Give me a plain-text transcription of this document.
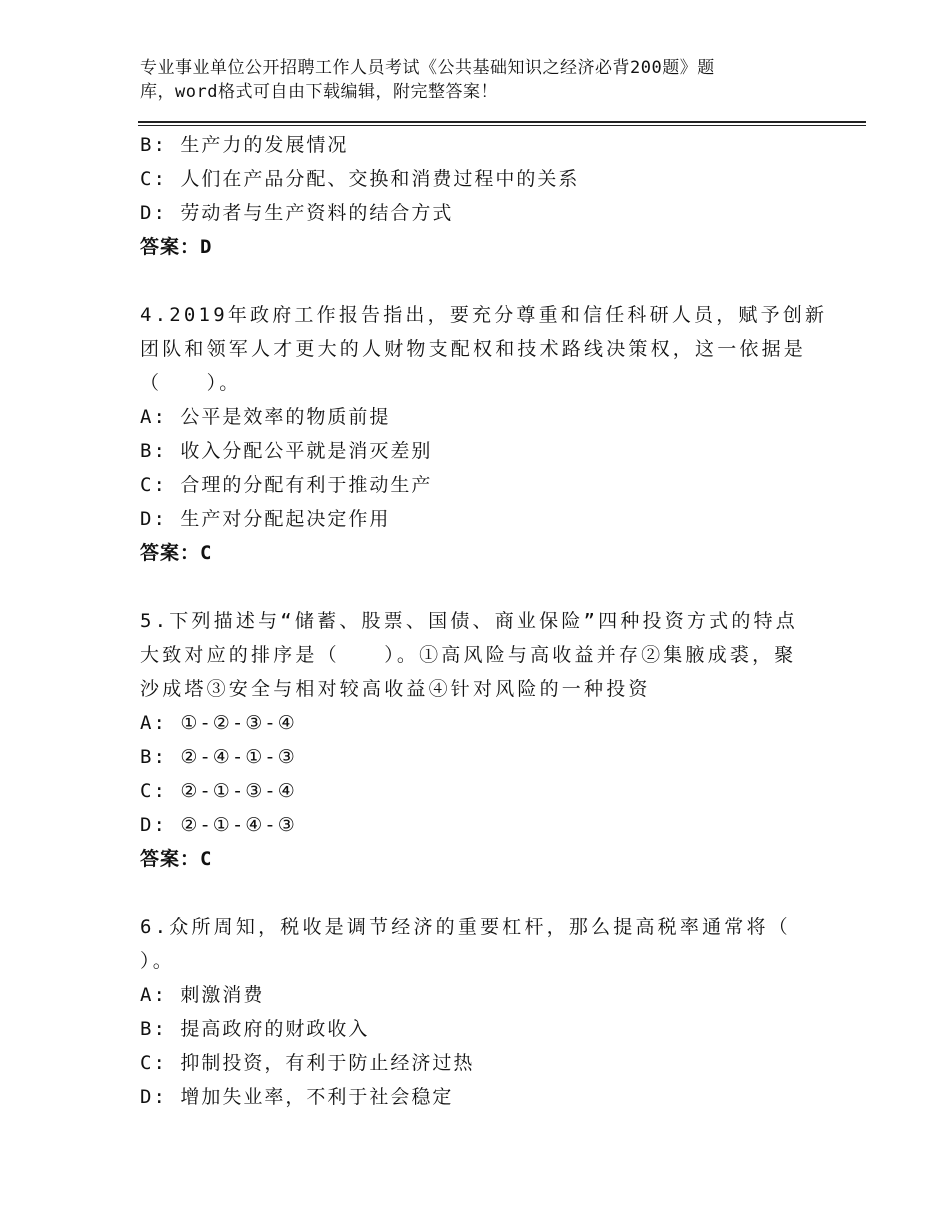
专业事业单位公开招聘工作人员考试《公共基础知识之经济必背200题》题
库，word格式可自由下载编辑，附完整答案！
B: 生产力的发展情况
C: 人们在产品分配、交换和消费过程中的关系
D: 劳动者与生产资料的结合方式
答案：D
4.2019年政府工作报告指出，要充分尊重和信任科研人员，赋予创新
团队和领军人才更大的人财物支配权和技术路线决策权，这一依据是
（　　）。
A: 公平是效率的物质前提
B: 收入分配公平就是消灭差别
C: 合理的分配有利于推动生产
D: 生产对分配起决定作用
答案：C
5.下列描述与“储蓄、股票、国债、商业保险”四种投资方式的特点
大致对应的排序是（　　）。①高风险与高收益并存②集腋成裘，聚
沙成塔③安全与相对较高收益④针对风险的一种投资
A: ①-②-③-④
B: ②-④-①-③
C: ②-①-③-④
D: ②-①-④-③
答案：C
6.众所周知，税收是调节经济的重要杠杆，那么提高税率通常将（
）。
A: 刺激消费
B: 提高政府的财政收入
C: 抑制投资，有利于防止经济过热
D: 增加失业率，不利于社会稳定
